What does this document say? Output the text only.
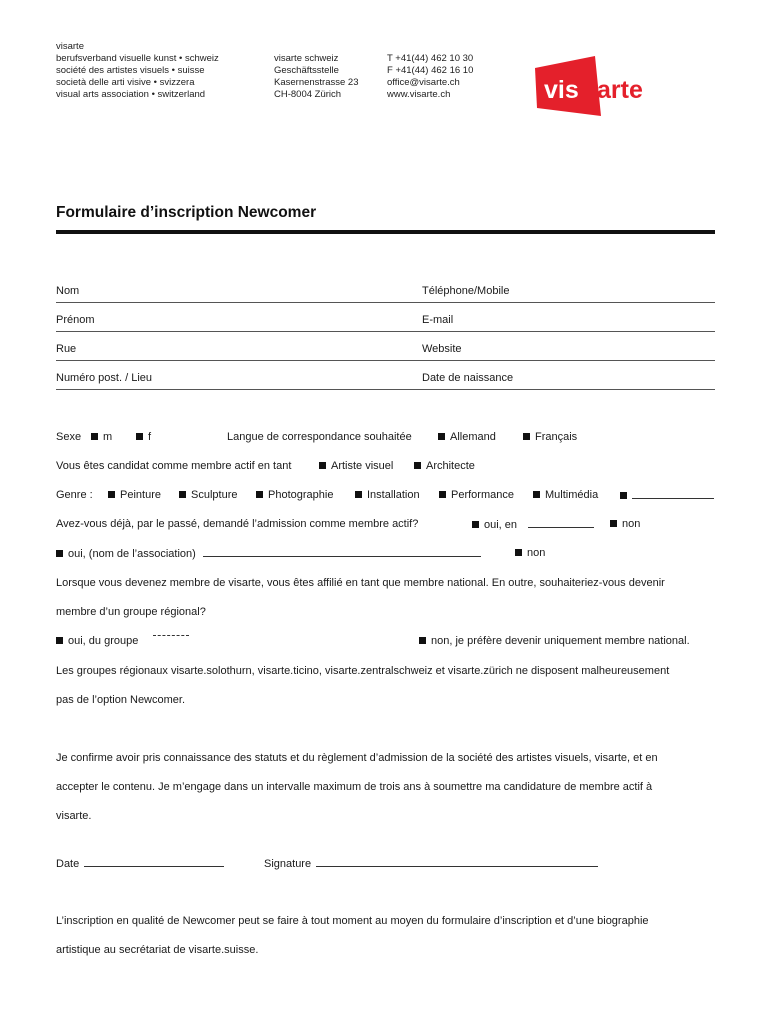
visarte
berufsverband visuelle kunst • schweiz
société des artistes visuels • suisse
società delle arti visive • svizzera
visual arts association • switzerland
visarte schweiz
Geschäftsstelle
Kasernenstrasse 23
CH-8004 Zürich
T +41(44) 462 10 30
F +41(44) 462 16 10
office@visarte.ch
www.visarte.ch	vis arte
Formulaire d’inscription Newcomer
Nom	Téléphone/Mobile
Prénom	E-mail
Rue	Website
Numéro post. / Lieu	Date de naissance
Sexe	m	f	Langue de correspondance souhaitée	Allemand	Français
Vous êtes candidat comme membre actif en tant	Artiste visuel	Architecte
Genre :	Peinture	Sculpture	Photographie	Installation	Performance	Multimédia
Avez-vous déjà, par le passé, demandé l’admission comme membre actif?	oui, en	non
oui, (nom de l’association)	non
Lorsque vous devenez membre de visarte, vous êtes affilié en tant que membre national. En outre, souhaiteriez-vous devenir
membre d’un groupe régional?
oui, du groupe	non, je préfère devenir uniquement membre national.
Les groupes régionaux visarte.solothurn, visarte.ticino, visarte.zentralschweiz et visarte.zürich ne disposent malheureusement
pas de l’option Newcomer.
Je confirme avoir pris connaissance des statuts et du règlement d’admission de la société des artistes visuels, visarte, et en
accepter le contenu. Je m’engage dans un intervalle maximum de trois ans à soumettre ma candidature de membre actif à
visarte.
Date	Signature
L’inscription en qualité de Newcomer peut se faire à tout moment au moyen du formulaire d’inscription et d’une biographie
artistique au secrétariat de visarte.suisse.
